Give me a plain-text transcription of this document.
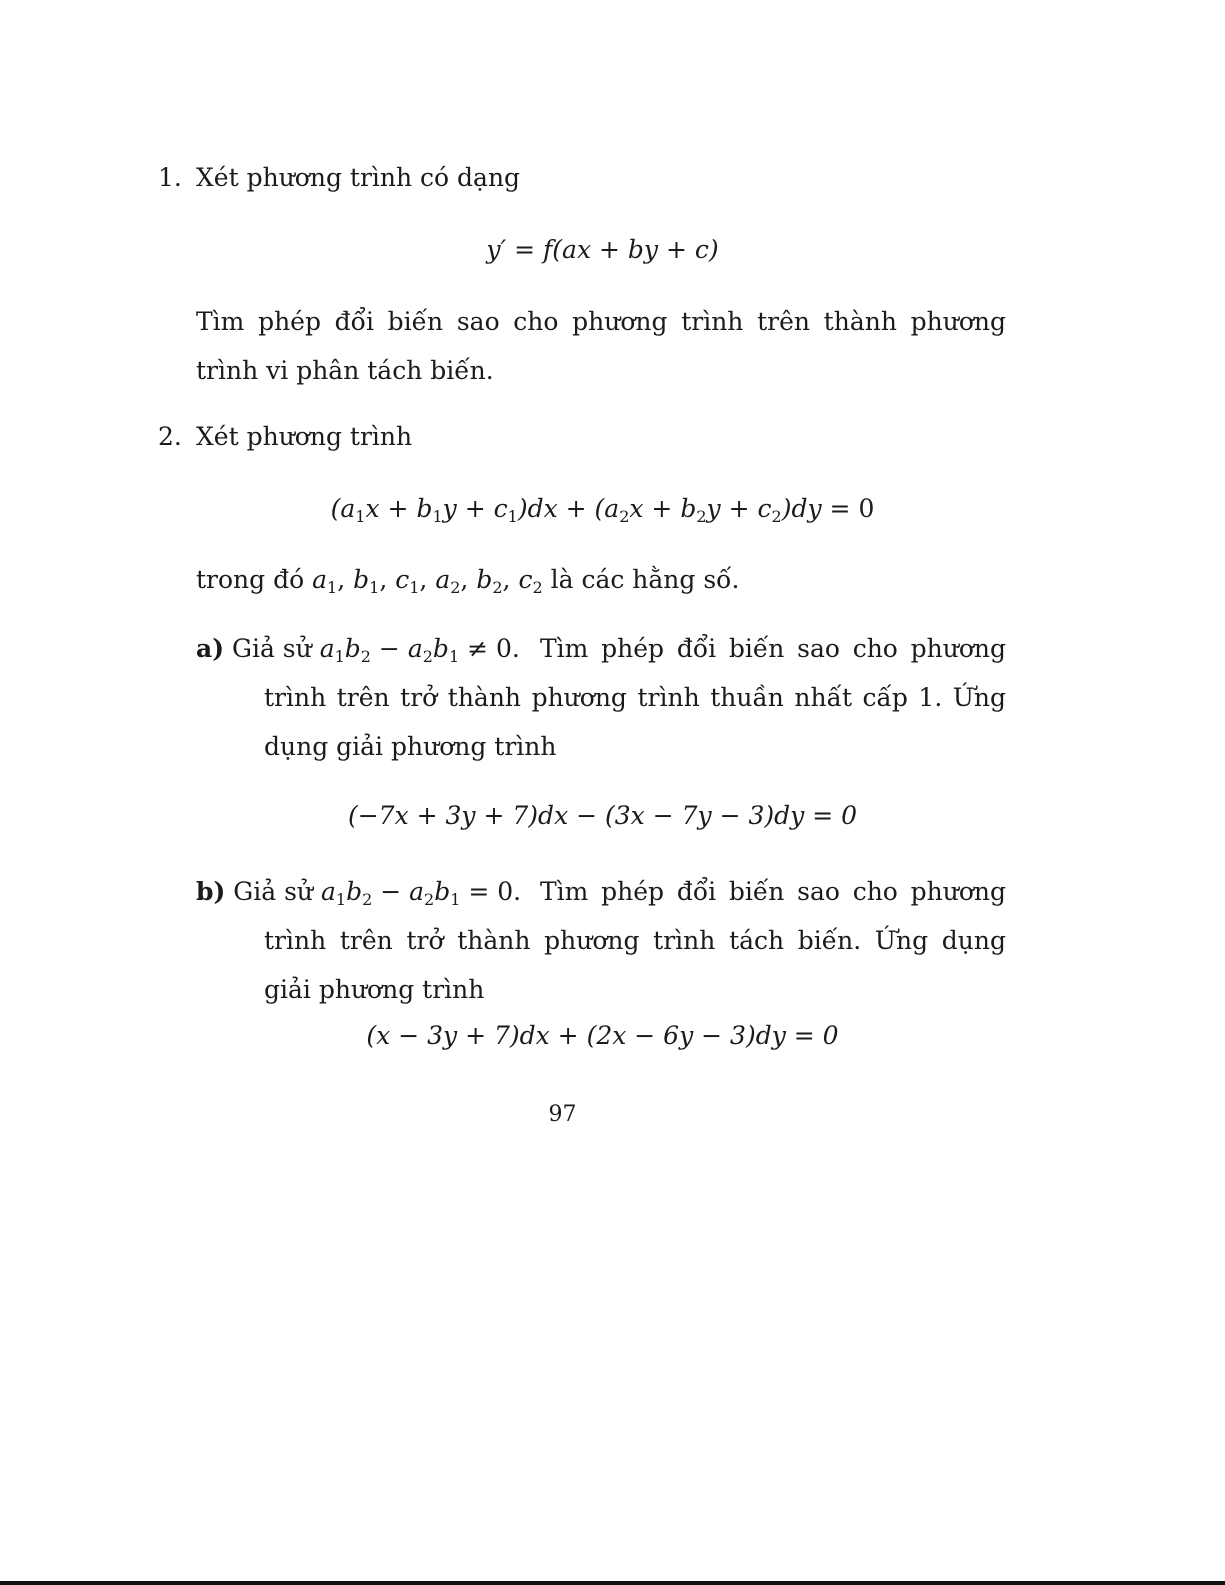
1. Xét phương trình có dạng
y′ = f(ax + by + c)
Tìm phép đổi biến sao cho phương trình trên thành phương trình vi phân tách biến.
2. Xét phương trình
$(a_1x + b_1y + c_1)dx + (a_2x + b_2y + c_2)dy = 0$
trong đó $a_1$, $b_1$, $c_1$, $a_2$, $b_2$, $c_2$ là các hằng số.
a) Giả sử $a_1b_2 - a_2b_1 \ne 0$. Tìm phép đổi biến sao cho phương trình trên trở thành phương trình thuần nhất cấp 1. Ứng dụng giải phương trình
(−7x + 3y + 7)dx − (3x − 7y − 3)dy = 0
b) Giả sử $a_1b_2 - a_2b_1 = 0$. Tìm phép đổi biến sao cho phương trình trên trở thành phương trình tách biến. Ứng dụng giải phương trình
(x − 3y + 7)dx + (2x − 6y − 3)dy = 0
97
